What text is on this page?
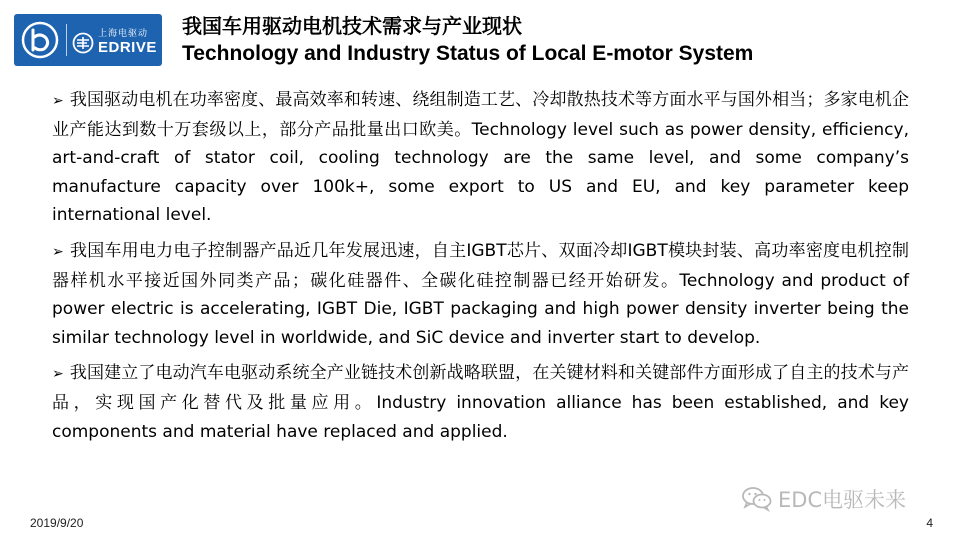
上海电驱动
EDRIVE
我国车用驱动电机技术需求与产业现状
Technology and Industry Status of Local E-motor System

➢ 我国驱动电机在功率密度、最高效率和转速、绕组制造工艺、冷却散热技术等方面水平与国外相当；多家电机企业产能达到数十万套级以上，部分产品批量出口欧美。Technology level such as power density, efficiency, art-and-craft of stator coil, cooling technology are the same level, and some company’s manufacture capacity over 100k+, some export to US and EU, and key parameter keep international level.

➢ 我国车用电力电子控制器产品近几年发展迅速，自主IGBT芯片、双面冷却IGBT模块封装、高功率密度电机控制器样机水平接近国外同类产品；碳化硅器件、全碳化硅控制器已经开始研发。Technology and product of power electric is accelerating, IGBT Die, IGBT packaging and high power density inverter being the similar technology level in worldwide, and SiC device and inverter start to develop.

➢ 我国建立了电动汽车电驱动系统全产业链技术创新战略联盟，在关键材料和关键部件方面形成了自主的技术与产品，实现国产化替代及批量应用。Industry innovation alliance has been established, and key components and material have replaced and applied.

EDC电驱未来
2019/9/20	4
